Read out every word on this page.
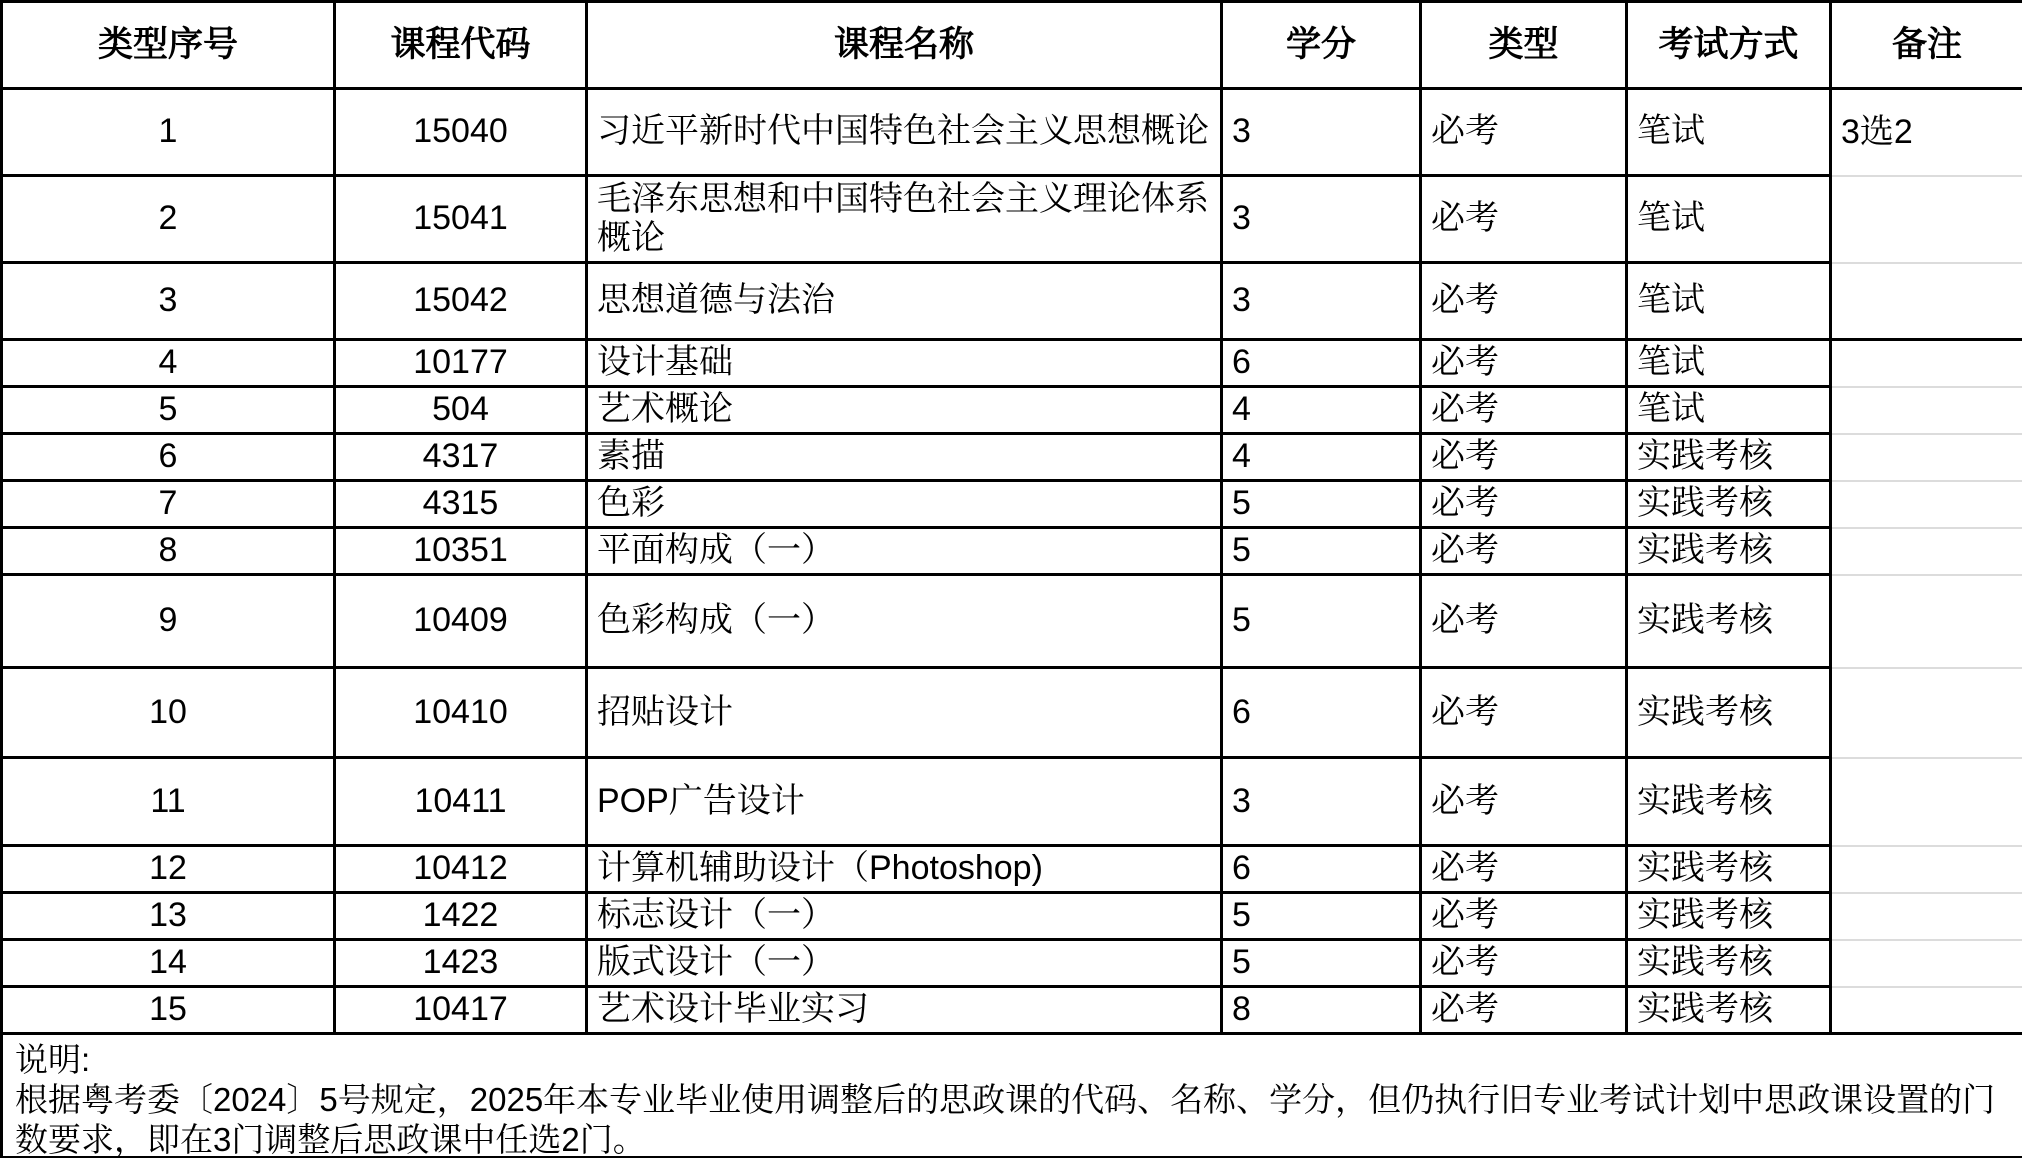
类型序号	课程代码	课程名称	学分	类型	考试方式	备注
1	15040	习近平新时代中国特色社会主义思想概论	3	必考	笔试	3选2
2	15041	毛泽东思想和中国特色社会主义理论体系概论	3	必考	笔试	
3	15042	思想道德与法治	3	必考	笔试	
4	10177	设计基础	6	必考	笔试	
5	504	艺术概论	4	必考	笔试	
6	4317	素描	4	必考	实践考核	
7	4315	色彩	5	必考	实践考核	
8	10351	平面构成（一）	5	必考	实践考核	
9	10409	色彩构成（一）	5	必考	实践考核	
10	10410	招贴设计	6	必考	实践考核	
11	10411	POP广告设计	3	必考	实践考核	
12	10412	计算机辅助设计（Photoshop)	6	必考	实践考核	
13	1422	标志设计（一）	5	必考	实践考核	
14	1423	版式设计（一）	5	必考	实践考核	
15	10417	艺术设计毕业实习	8	必考	实践考核	
说明:
根据粤考委〔2024〕5号规定，2025年本专业毕业使用调整后的思政课的代码、名称、学分，但仍执行旧专业考试计划中思政课设置的门数要求，即在3门调整后思政课中任选2门。
